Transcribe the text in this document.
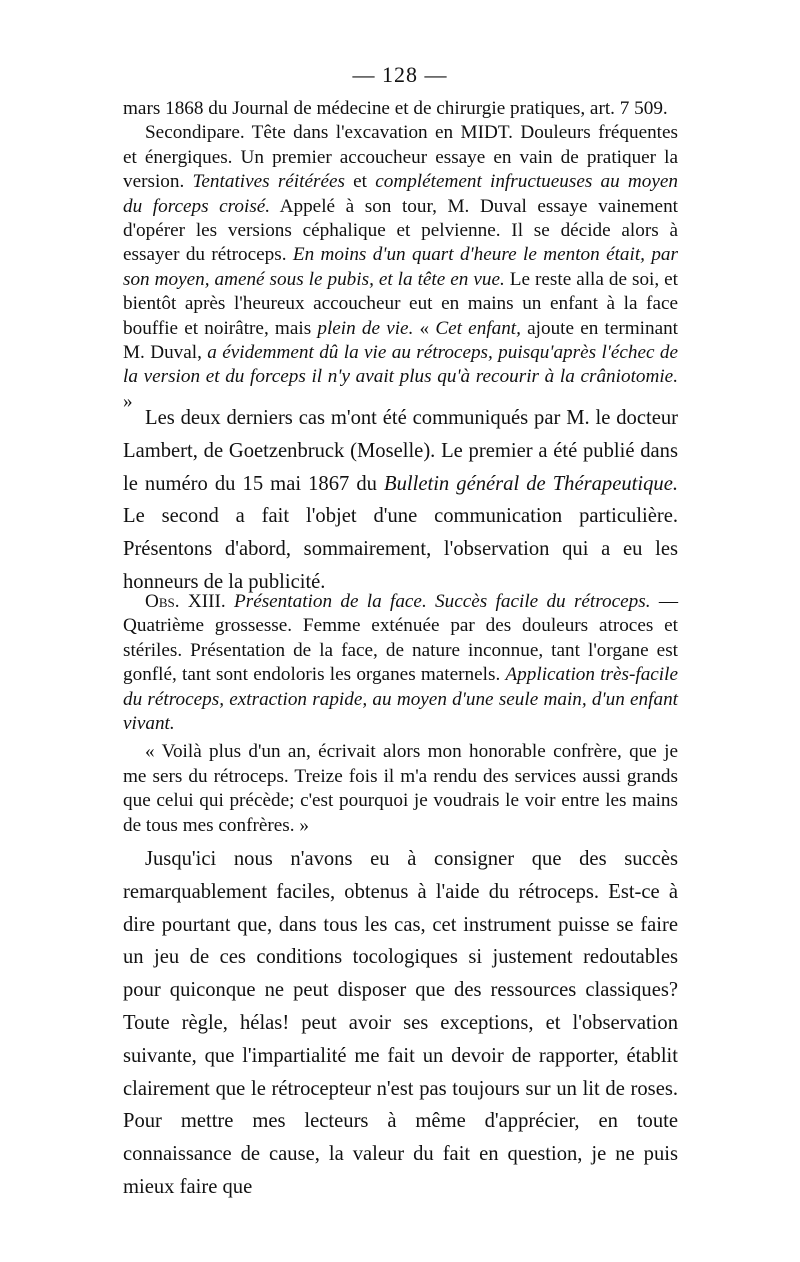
— 128 —

mars 1868 du Journal de médecine et de chirurgie pratiques, art. 7 509.

Secondipare. Tête dans l'excavation en MIDT. Douleurs fréquentes et énergiques. Un premier accoucheur essaye en vain de pratiquer la version. Tentatives réitérées et complétement infructueuses au moyen du forceps croisé. Appelé à son tour, M. Duval essaye vainement d'opérer les versions céphalique et pelvienne. Il se décide alors à essayer du rétroceps. En moins d'un quart d'heure le menton était, par son moyen, amené sous le pubis, et la tête en vue. Le reste alla de soi, et bientôt après l'heureux accoucheur eut en mains un enfant à la face bouffie et noirâtre, mais plein de vie. « Cet enfant, ajoute en terminant M. Duval, a évidemment dû la vie au rétroceps, puisqu'après l'échec de la version et du forceps il n'y avait plus qu'à recourir à la crâniotomie. »

Les deux derniers cas m'ont été communiqués par M. le docteur Lambert, de Goetzenbruck (Moselle). Le premier a été publié dans le numéro du 15 mai 1867 du Bulletin général de Thérapeutique. Le second a fait l'objet d'une communication particulière. Présentons d'abord, sommairement, l'observation qui a eu les honneurs de la publicité.

Obs. XIII. Présentation de la face. Succès facile du rétroceps. — Quatrième grossesse. Femme exténuée par des douleurs atroces et stériles. Présentation de la face, de nature inconnue, tant l'organe est gonflé, tant sont endoloris les organes maternels. Application très-facile du rétroceps, extraction rapide, au moyen d'une seule main, d'un enfant vivant.

« Voilà plus d'un an, écrivait alors mon honorable confrère, que je me sers du rétroceps. Treize fois il m'a rendu des services aussi grands que celui qui précède; c'est pourquoi je voudrais le voir entre les mains de tous mes confrères. »

Jusqu'ici nous n'avons eu à consigner que des succès remarquablement faciles, obtenus à l'aide du rétroceps. Est-ce à dire pourtant que, dans tous les cas, cet instrument puisse se faire un jeu de ces conditions tocologiques si justement redoutables pour quiconque ne peut disposer que des ressources classiques? Toute règle, hélas! peut avoir ses exceptions, et l'observation suivante, que l'impartialité me fait un devoir de rapporter, établit clairement que le rétrocepteur n'est pas toujours sur un lit de roses. Pour mettre mes lecteurs à même d'apprécier, en toute connaissance de cause, la valeur du fait en question, je ne puis mieux faire que
